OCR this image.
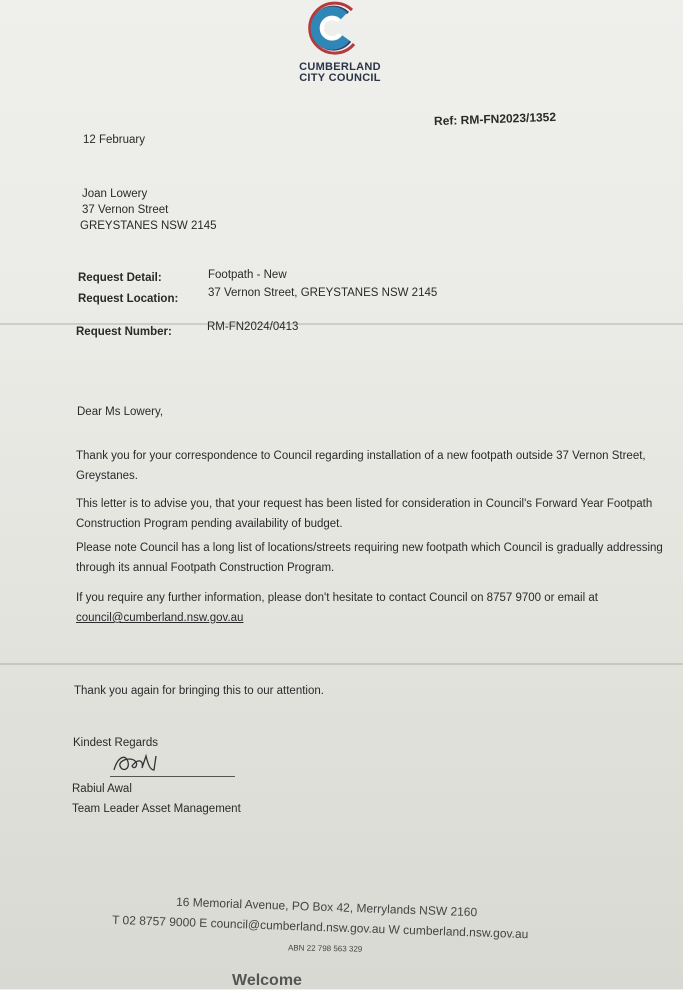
CUMBERLAND
CITY COUNCIL
Ref: RM-FN2023/1352
12 February
Joan Lowery
37 Vernon Street
GREYSTANES NSW 2145
Request Detail:	Footpath - New
Request Location:	37 Vernon Street, GREYSTANES NSW 2145
Request Number:	RM-FN2024/0413
Dear Ms Lowery,
Thank you for your correspondence to Council regarding installation of a new footpath outside 37 Vernon Street, Greystanes.
This letter is to advise you, that your request has been listed for consideration in Council's Forward Year Footpath Construction Program pending availability of budget.
Please note Council has a long list of locations/streets requiring new footpath which Council is gradually addressing through its annual Footpath Construction Program.
If you require any further information, please don't hesitate to contact Council on 8757 9700 or email at council@cumberland.nsw.gov.au
Thank you again for bringing this to our attention.
Kindest Regards
Rabiul Awal
Team Leader Asset Management
16 Memorial Avenue, PO Box 42, Merrylands NSW 2160
T 02 8757 9000 E council@cumberland.nsw.gov.au W cumberland.nsw.gov.au
ABN 22 798 563 329
Welcome
